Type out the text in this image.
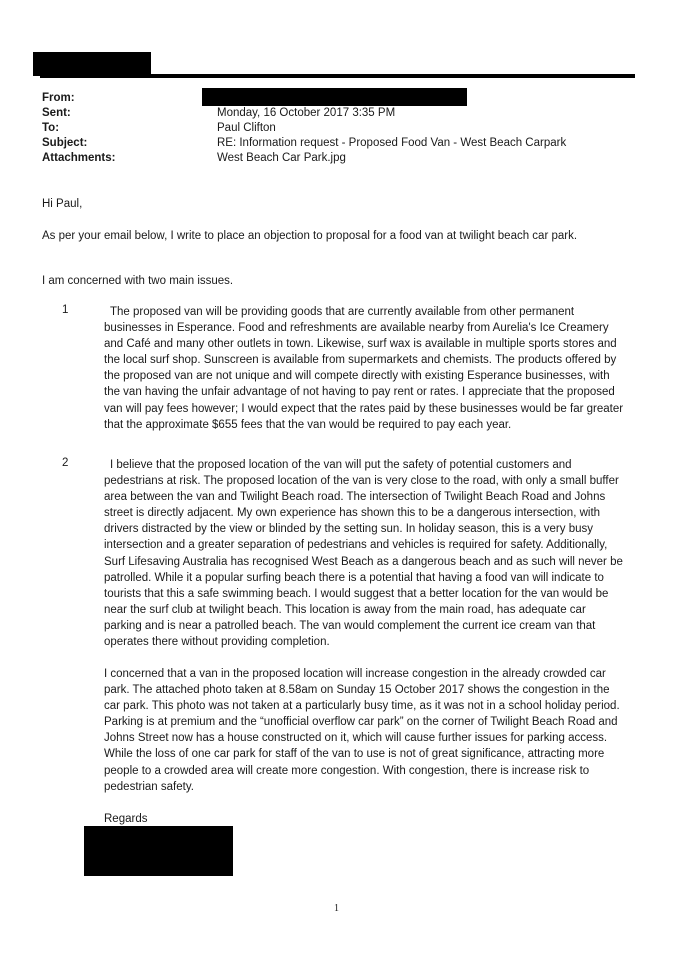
From:
Sent:	Monday, 16 October 2017 3:35 PM
To:	Paul Clifton
Subject:	RE: Information request - Proposed Food Van - West Beach Carpark
Attachments:	West Beach Car Park.jpg
Hi Paul,
As per your email below, I write to place an objection to proposal for a food van at twilight beach car park.
I am concerned with two main issues.
1	The proposed van will be providing goods that are currently available from other permanent businesses in Esperance. Food and refreshments are available nearby from Aurelia's Ice Creamery and Café and many other outlets in town. Likewise, surf wax is available in multiple sports stores and the local surf shop. Sunscreen is available from supermarkets and chemists. The products offered by the proposed van are not unique and will compete directly with existing Esperance businesses, with the van having the unfair advantage of not having to pay rent or rates. I appreciate that the proposed van will pay fees however; I would expect that the rates paid by these businesses would be far greater that the approximate $655 fees that the van would be required to pay each year.
2	I believe that the proposed location of the van will put the safety of potential customers and pedestrians at risk. The proposed location of the van is very close to the road, with only a small buffer area between the van and Twilight Beach road. The intersection of Twilight Beach Road and Johns street is directly adjacent. My own experience has shown this to be a dangerous intersection, with drivers distracted by the view or blinded by the setting sun. In holiday season, this is a very busy intersection and a greater separation of pedestrians and vehicles is required for safety. Additionally, Surf Lifesaving Australia has recognised West Beach as a dangerous beach and as such will never be patrolled. While it a popular surfing beach there is a potential that having a food van will indicate to tourists that this a safe swimming beach. I would suggest that a better location for the van would be near the surf club at twilight beach. This location is away from the main road, has adequate car parking and is near a patrolled beach. The van would complement the current ice cream van that operates there without providing completion.
I concerned that a van in the proposed location will increase congestion in the already crowded car park. The attached photo taken at 8.58am on Sunday 15 October 2017 shows the congestion in the car park. This photo was not taken at a particularly busy time, as it was not in a school holiday period. Parking is at premium and the “unofficial overflow car park” on the corner of Twilight Beach Road and Johns Street now has a house constructed on it, which will cause further issues for parking access. While the loss of one car park for staff of the van to use is not of great significance, attracting more people to a crowded area will create more congestion. With congestion, there is increase risk to pedestrian safety.
Regards
1
